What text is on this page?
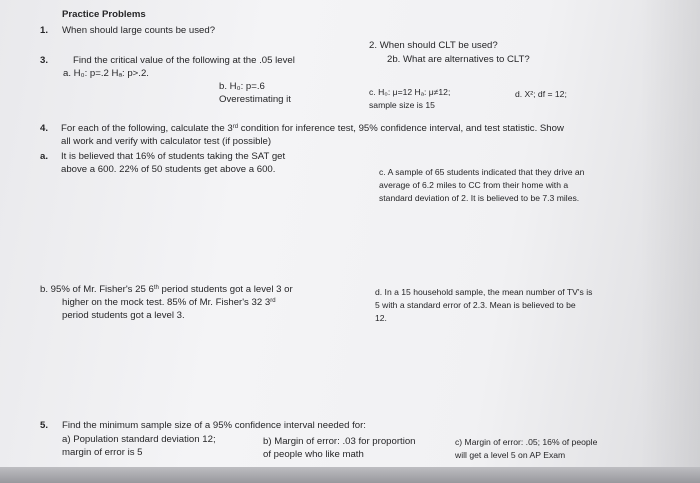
Practice Problems
1. When should large counts be used?
2. When should CLT be used?
2b. What are alternatives to CLT?
3.	Find the critical value of the following at the .05 level
a. H₀: p=.2 Hₐ: p>.2.
b. H₀: p=.6
Overestimating it
c. H₀: μ=12 Hₐ: μ≠12;
sample size is 15
d. X²; df = 12;
4. For each of the following, calculate the 3rd condition for inference test, 95% confidence interval, and test statistic. Show
all work and verify with calculator test (if possible)
a. It is believed that 16% of students taking the SAT get
above a 600. 22% of 50 students get above a 600.	c. A sample of 65 students indicated that they drive an
average of 6.2 miles to CC from their home with a
standard deviation of 2. It is believed to be 7.3 miles.
b. 95% of Mr. Fisher's 25 6th period students got a level 3 or
higher on the mock test. 85% of Mr. Fisher's 32 3rd
period students got a level 3.
d. In a 15 household sample, the mean number of TV's is
5 with a standard error of 2.3. Mean is believed to be
12.
5. Find the minimum sample size of a 95% confidence interval needed for:
a) Population standard deviation 12;
margin of error is 5
b) Margin of error: .03 for proportion
of people who like math
c) Margin of error: .05; 16% of people
will get a level 5 on AP Exam
